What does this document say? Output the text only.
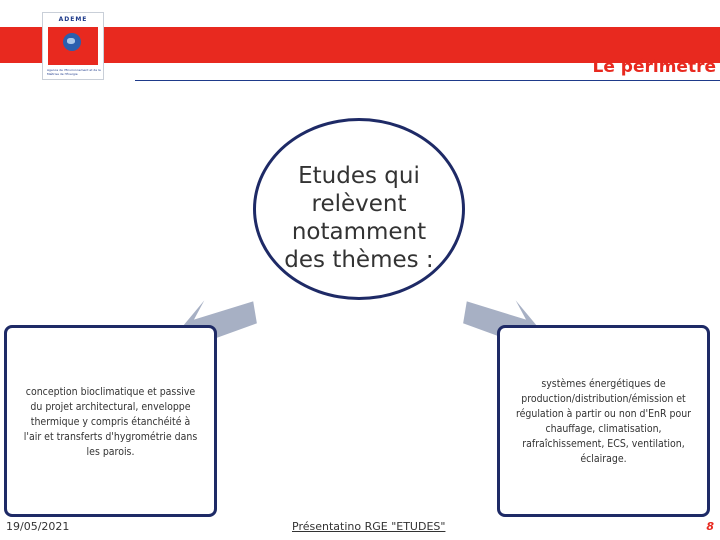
ADEME
Agence de l'Environnement et de la Maîtrise de l'Énergie	Le périmètre
Etudes qui relèvent notamment des thèmes :
conception bioclimatique et passive du projet architectural, enveloppe thermique y compris étanchéité à l'air et transferts d'hygrométrie dans les parois.
systèmes énergétiques de production/distribution/émission et régulation à partir ou non d'EnR pour chauffage, climatisation, rafraîchissement, ECS, ventilation, éclairage.
19/05/2021	Présentatino RGE "ETUDES"	8
